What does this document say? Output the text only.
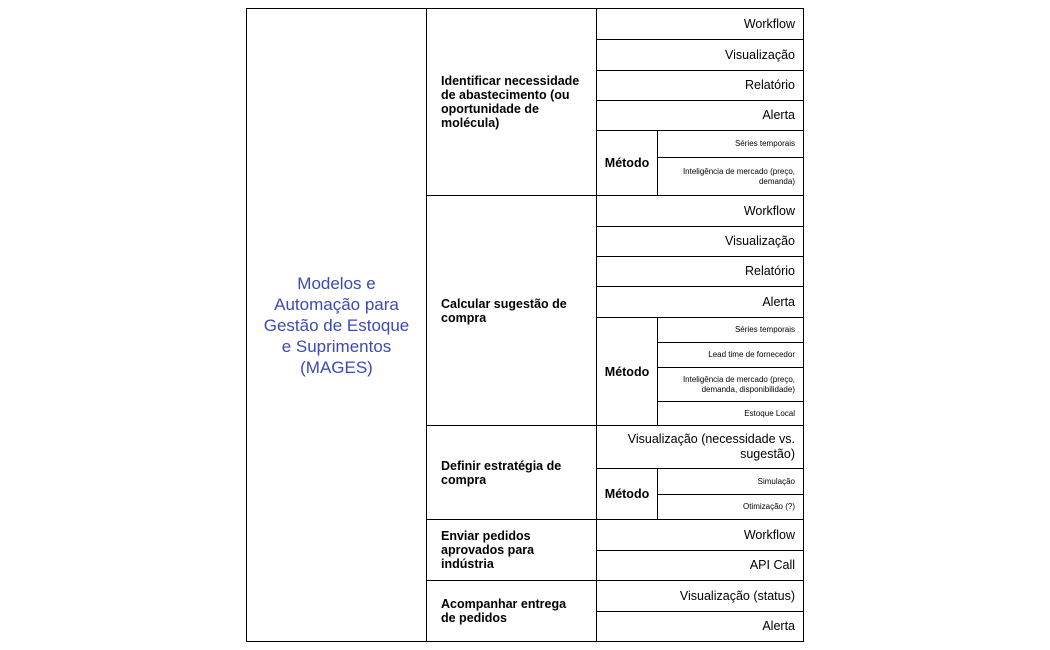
Modelos e Automação para Gestão de Estoque e Suprimentos (MAGES)
Identificar necessidade de abastecimento (ou oportunidade de molécula)
Workflow
Visualização
Relatório
Alerta
Método
Séries temporais
Inteligência de mercado (preço, demanda)
Calcular sugestão de compra
Workflow
Visualização
Relatório
Alerta
Método
Séries temporais
Lead time de fornecedor
Inteligência de mercado (preço, demanda, disponibilidade)
Estoque Local
Definir estratégia de compra
Visualização (necessidade vs. sugestão)
Método
Simulação
Otimização (?)
Enviar pedidos aprovados para indústria
Workflow
API Call
Acompanhar entrega de pedidos
Visualização (status)
Alerta
